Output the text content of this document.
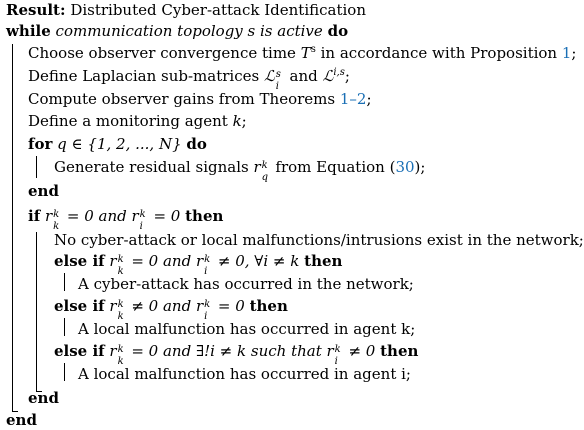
Result: Distributed Cyber-attack Identification
while communication topology s is active do
Choose observer convergence time $T^s$ in accordance with Proposition 1;
Define Laplacian sub-matrices ℒ s
i
and ℒ$^{i,s}$;
Compute observer gains from Theorems 1–2;
Define a monitoring agent k;
for q ∈ {1, 2, ..., N} do
Generate residual signals r k
q
from Equation (30);
end
if r k
k
= 0 and r k
i
= 0 then
No cyber-attack or local malfunctions/intrusions exist in the network;
else if r k
k
= 0 and r k
i
≠ 0, ∀i ≠ k then
A cyber-attack has occurred in the network;
else if r k
k
≠ 0 and r k
i
= 0 then
A local malfunction has occurred in agent k;
else if r k
k
= 0 and ∃!i ≠ k such that r k
i
≠ 0 then
A local malfunction has occurred in agent i;
end
end
